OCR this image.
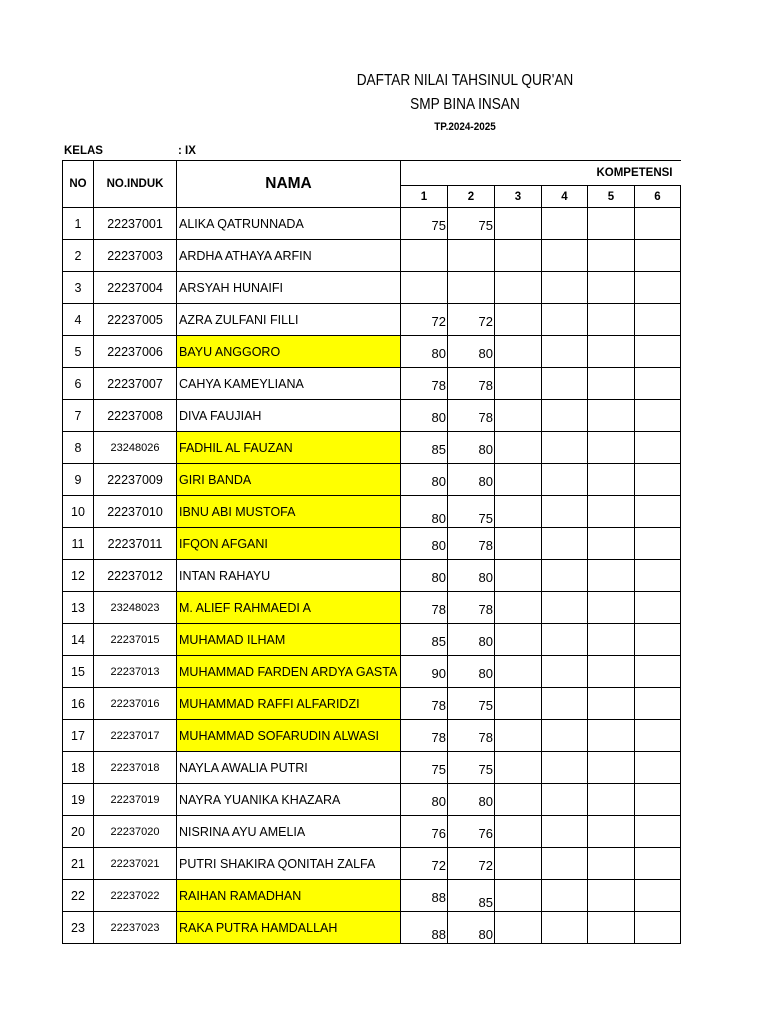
DAFTAR NILAI TAHSINUL QUR'AN
SMP BINA INSAN
TP.2024-2025
KELAS	: IX
NO	NO.INDUK	NAMA	KOMPETENSI					
			1	2	3	4	5	6
1	22237001	ALIKA QATRUNNADA	75	75				
2	22237003	ARDHA ATHAYA ARFIN						
3	22237004	ARSYAH HUNAIFI						
4	22237005	AZRA ZULFANI FILLI	72	72				
5	22237006	BAYU ANGGORO	80	80				
6	22237007	CAHYA KAMEYLIANA	78	78				
7	22237008	DIVA FAUJIAH	80	78				
8	23248026	FADHIL AL FAUZAN	85	80				
9	22237009	GIRI BANDA	80	80				
10	22237010	IBNU ABI MUSTOFA	80	75				
11	22237011	IFQON AFGANI	80	78				
12	22237012	INTAN RAHAYU	80	80				
13	23248023	M. ALIEF RAHMAEDI A	78	78				
14	22237015	MUHAMAD ILHAM	85	80				
15	22237013	MUHAMMAD FARDEN ARDYA GASTA	90	80				
16	22237016	MUHAMMAD RAFFI ALFARIDZI	78	75				
17	22237017	MUHAMMAD SOFARUDIN ALWASI	78	78				
18	22237018	NAYLA AWALIA PUTRI	75	75				
19	22237019	NAYRA YUANIKA KHAZARA	80	80				
20	22237020	NISRINA AYU AMELIA	76	76				
21	22237021	PUTRI SHAKIRA QONITAH ZALFA	72	72				
22	22237022	RAIHAN RAMADHAN	88	85				
23	22237023	RAKA PUTRA HAMDALLAH	88	80				
